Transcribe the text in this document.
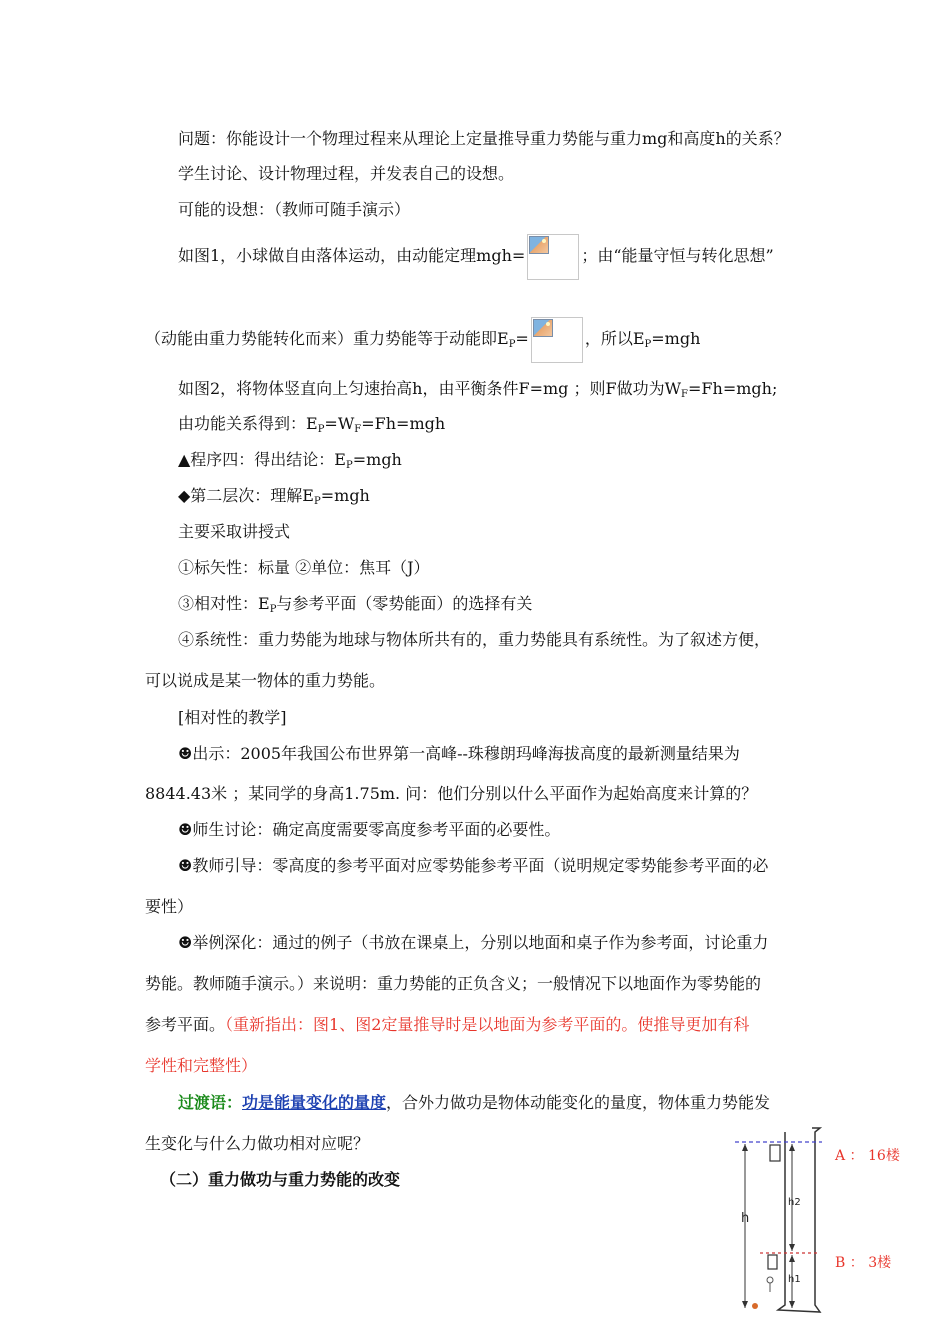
问题：你能设计一个物理过程来从理论上定量推导重力势能与重力mg和高度h的关系？
学生讨论、设计物理过程，并发表自己的设想。
可能的设想：（教师可随手演示）
如图1，小球做自由落体运动，由动能定理mgh=	；由“能量守恒与转化思想”
（动能由重力势能转化而来）重力势能等于动能即$E_P=$	，所以$E_P=mgh$
如图2，将物体竖直向上匀速抬高h，由平衡条件F=mg ；则F做功为$W_F=Fh=mgh$;
由功能关系得到：$E_P=W_F=Fh=mgh$
▲程序四：得出结论：$E_P=mgh$
◆第二层次：理解$E_P=mgh$
主要采取讲授式
①标矢性：标量 ②单位：焦耳（J）
③相对性：$E_P$与参考平面（零势能面）的选择有关
④系统性：重力势能为地球与物体所共有的，重力势能具有系统性。为了叙述方便，
可以说成是某一物体的重力势能。
[相对性的教学]
☻出示：2005年我国公布世界第一高峰--珠穆朗玛峰海拔高度的最新测量结果为
8844.43米 ；某同学的身高1.75m. 问：他们分别以什么平面作为起始高度来计算的？
☻师生讨论：确定高度需要零高度参考平面的必要性。
☻教师引导：零高度的参考平面对应零势能参考平面（说明规定零势能参考平面的必
要性）
☻举例深化：通过的例子（书放在课桌上，分别以地面和桌子作为参考面，讨论重力
势能。教师随手演示。）来说明：重力势能的正负含义；一般情况下以地面作为零势能的
参考平面。（重新指出：图1、图2定量推导时是以地面为参考平面的。使推导更加有科
学性和完整性）
过渡语：功是能量变化的量度，合外力做功是物体动能变化的量度，物体重力势能发
生变化与什么力做功相对应呢？
（二）重力做功与重力势能的改变
h
h2
h1
A ： 16楼
B ： 3楼
